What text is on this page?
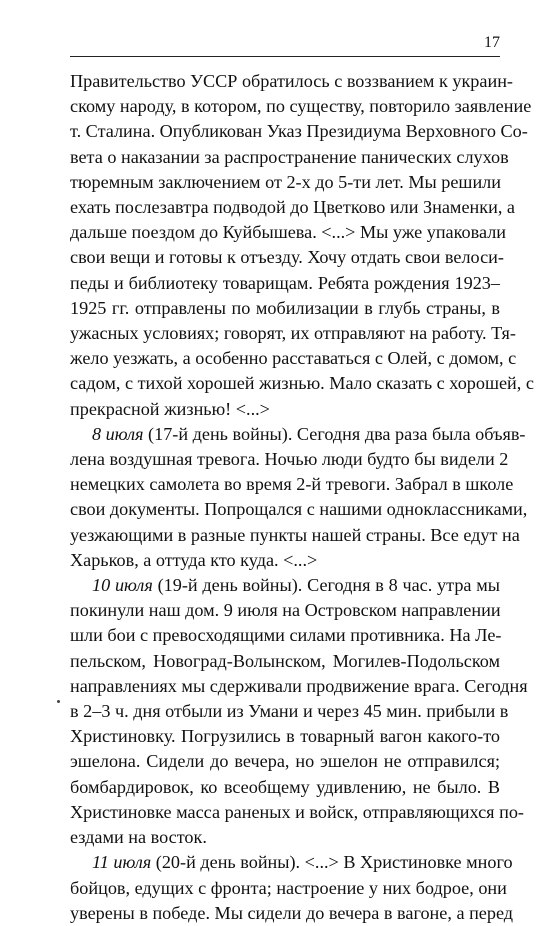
17
Правительство УССР обратилось с воззванием к украин-
скому народу, в котором, по существу, повторило заявление
т. Сталина. Опубликован Указ Президиума Верховного Со-
вета о наказании за распространение панических слухов
тюремным заключением от 2-х до 5-ти лет. Мы решили
ехать послезавтра подводой до Цветково или Знаменки, а
дальше поездом до Куйбышева. <...> Мы уже упаковали
свои вещи и готовы к отъезду. Хочу отдать свои велоси-
педы и библиотеку товарищам. Ребята рождения 1923–
1925 гг. отправлены по мобилизации в глубь страны, в
ужасных условиях; говорят, их отправляют на работу. Тя-
жело уезжать, а особенно расставаться с Олей, с домом, с
садом, с тихой хорошей жизнью. Мало сказать с хорошей, с
прекрасной жизнью! <...>
8 июля (17-й день войны). Сегодня два раза была объяв-
лена воздушная тревога. Ночью люди будто бы видели 2
немецких самолета во время 2-й тревоги. Забрал в школе
свои документы. Попрощался с нашими одноклассниками,
уезжающими в разные пункты нашей страны. Все едут на
Харьков, а оттуда кто куда. <...>
10 июля (19-й день войны). Сегодня в 8 час. утра мы
покинули наш дом. 9 июля на Островском направлении
шли бои с превосходящими силами противника. На Ле-
пельском, Новоград-Волынском, Могилев-Подольском
направлениях мы сдерживали продвижение врага. Сегодня
в 2–3 ч. дня отбыли из Умани и через 45 мин. прибыли в
Христиновку. Погрузились в товарный вагон какого-то
эшелона. Сидели до вечера, но эшелон не отправился;
бомбардировок, ко всеобщему удивлению, не было. В
Христиновке масса раненых и войск, отправляющихся по-
ездами на восток.
11 июля (20-й день войны). <...> В Христиновке много
бойцов, едущих с фронта; настроение у них бодрое, они
уверены в победе. Мы сидели до вечера в вагоне, а перед
